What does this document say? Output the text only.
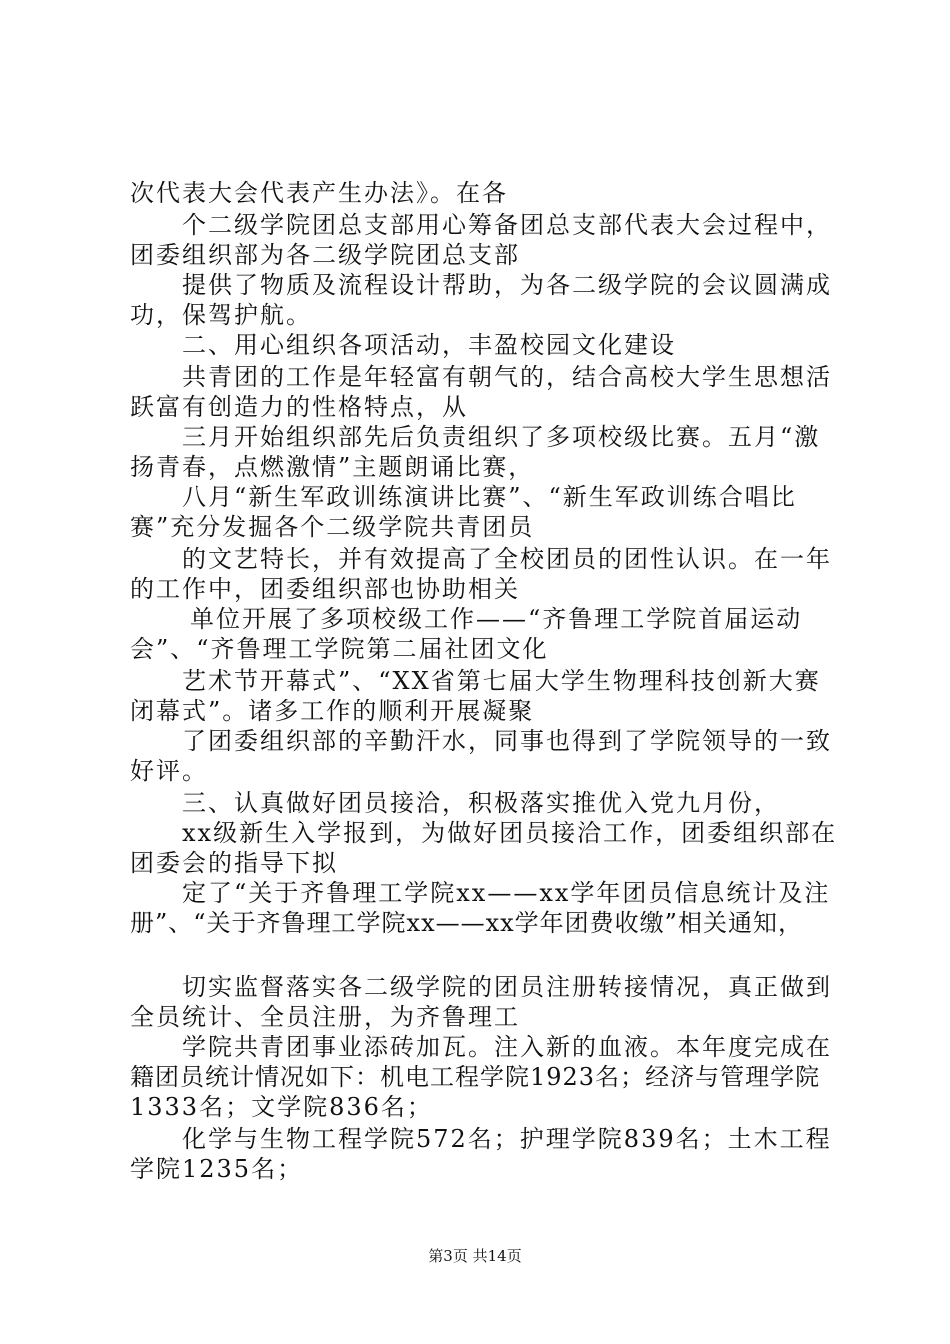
次代表大会代表产生办法》。在各
个二级学院团总支部用心筹备团总支部代表大会过程中，
团委组织部为各二级学院团总支部
提供了物质及流程设计帮助，为各二级学院的会议圆满成
功，保驾护航。
二、用心组织各项活动，丰盈校园文化建设
共青团的工作是年轻富有朝气的，结合高校大学生思想活
跃富有创造力的性格特点，从
三月开始组织部先后负责组织了多项校级比赛。五月“激
扬青春，点燃激情”主题朗诵比赛，
八月“新生军政训练演讲比赛”、“新生军政训练合唱比
赛”充分发掘各个二级学院共青团员
的文艺特长，并有效提高了全校团员的团性认识。在一年
的工作中，团委组织部也协助相关
单位开展了多项校级工作——“齐鲁理工学院首届运动
会”、“齐鲁理工学院第二届社团文化
艺术节开幕式”、“XX省第七届大学生物理科技创新大赛
闭幕式”。诸多工作的顺利开展凝聚
了团委组织部的辛勤汗水，同事也得到了学院领导的一致
好评。
三、认真做好团员接洽，积极落实推优入党九月份，
xx级新生入学报到，为做好团员接洽工作，团委组织部在
团委会的指导下拟
定了“关于齐鲁理工学院xx——xx学年团员信息统计及注
册”、“关于齐鲁理工学院xx——xx学年团费收缴”相关通知，
切实监督落实各二级学院的团员注册转接情况，真正做到
全员统计、全员注册，为齐鲁理工
学院共青团事业添砖加瓦。注入新的血液。本年度完成在
籍团员统计情况如下：机电工程学院1923名；经济与管理学院
1333名；文学院836名；
化学与生物工程学院572名；护理学院839名；土木工程
学院1235名；
第3页 共14页
